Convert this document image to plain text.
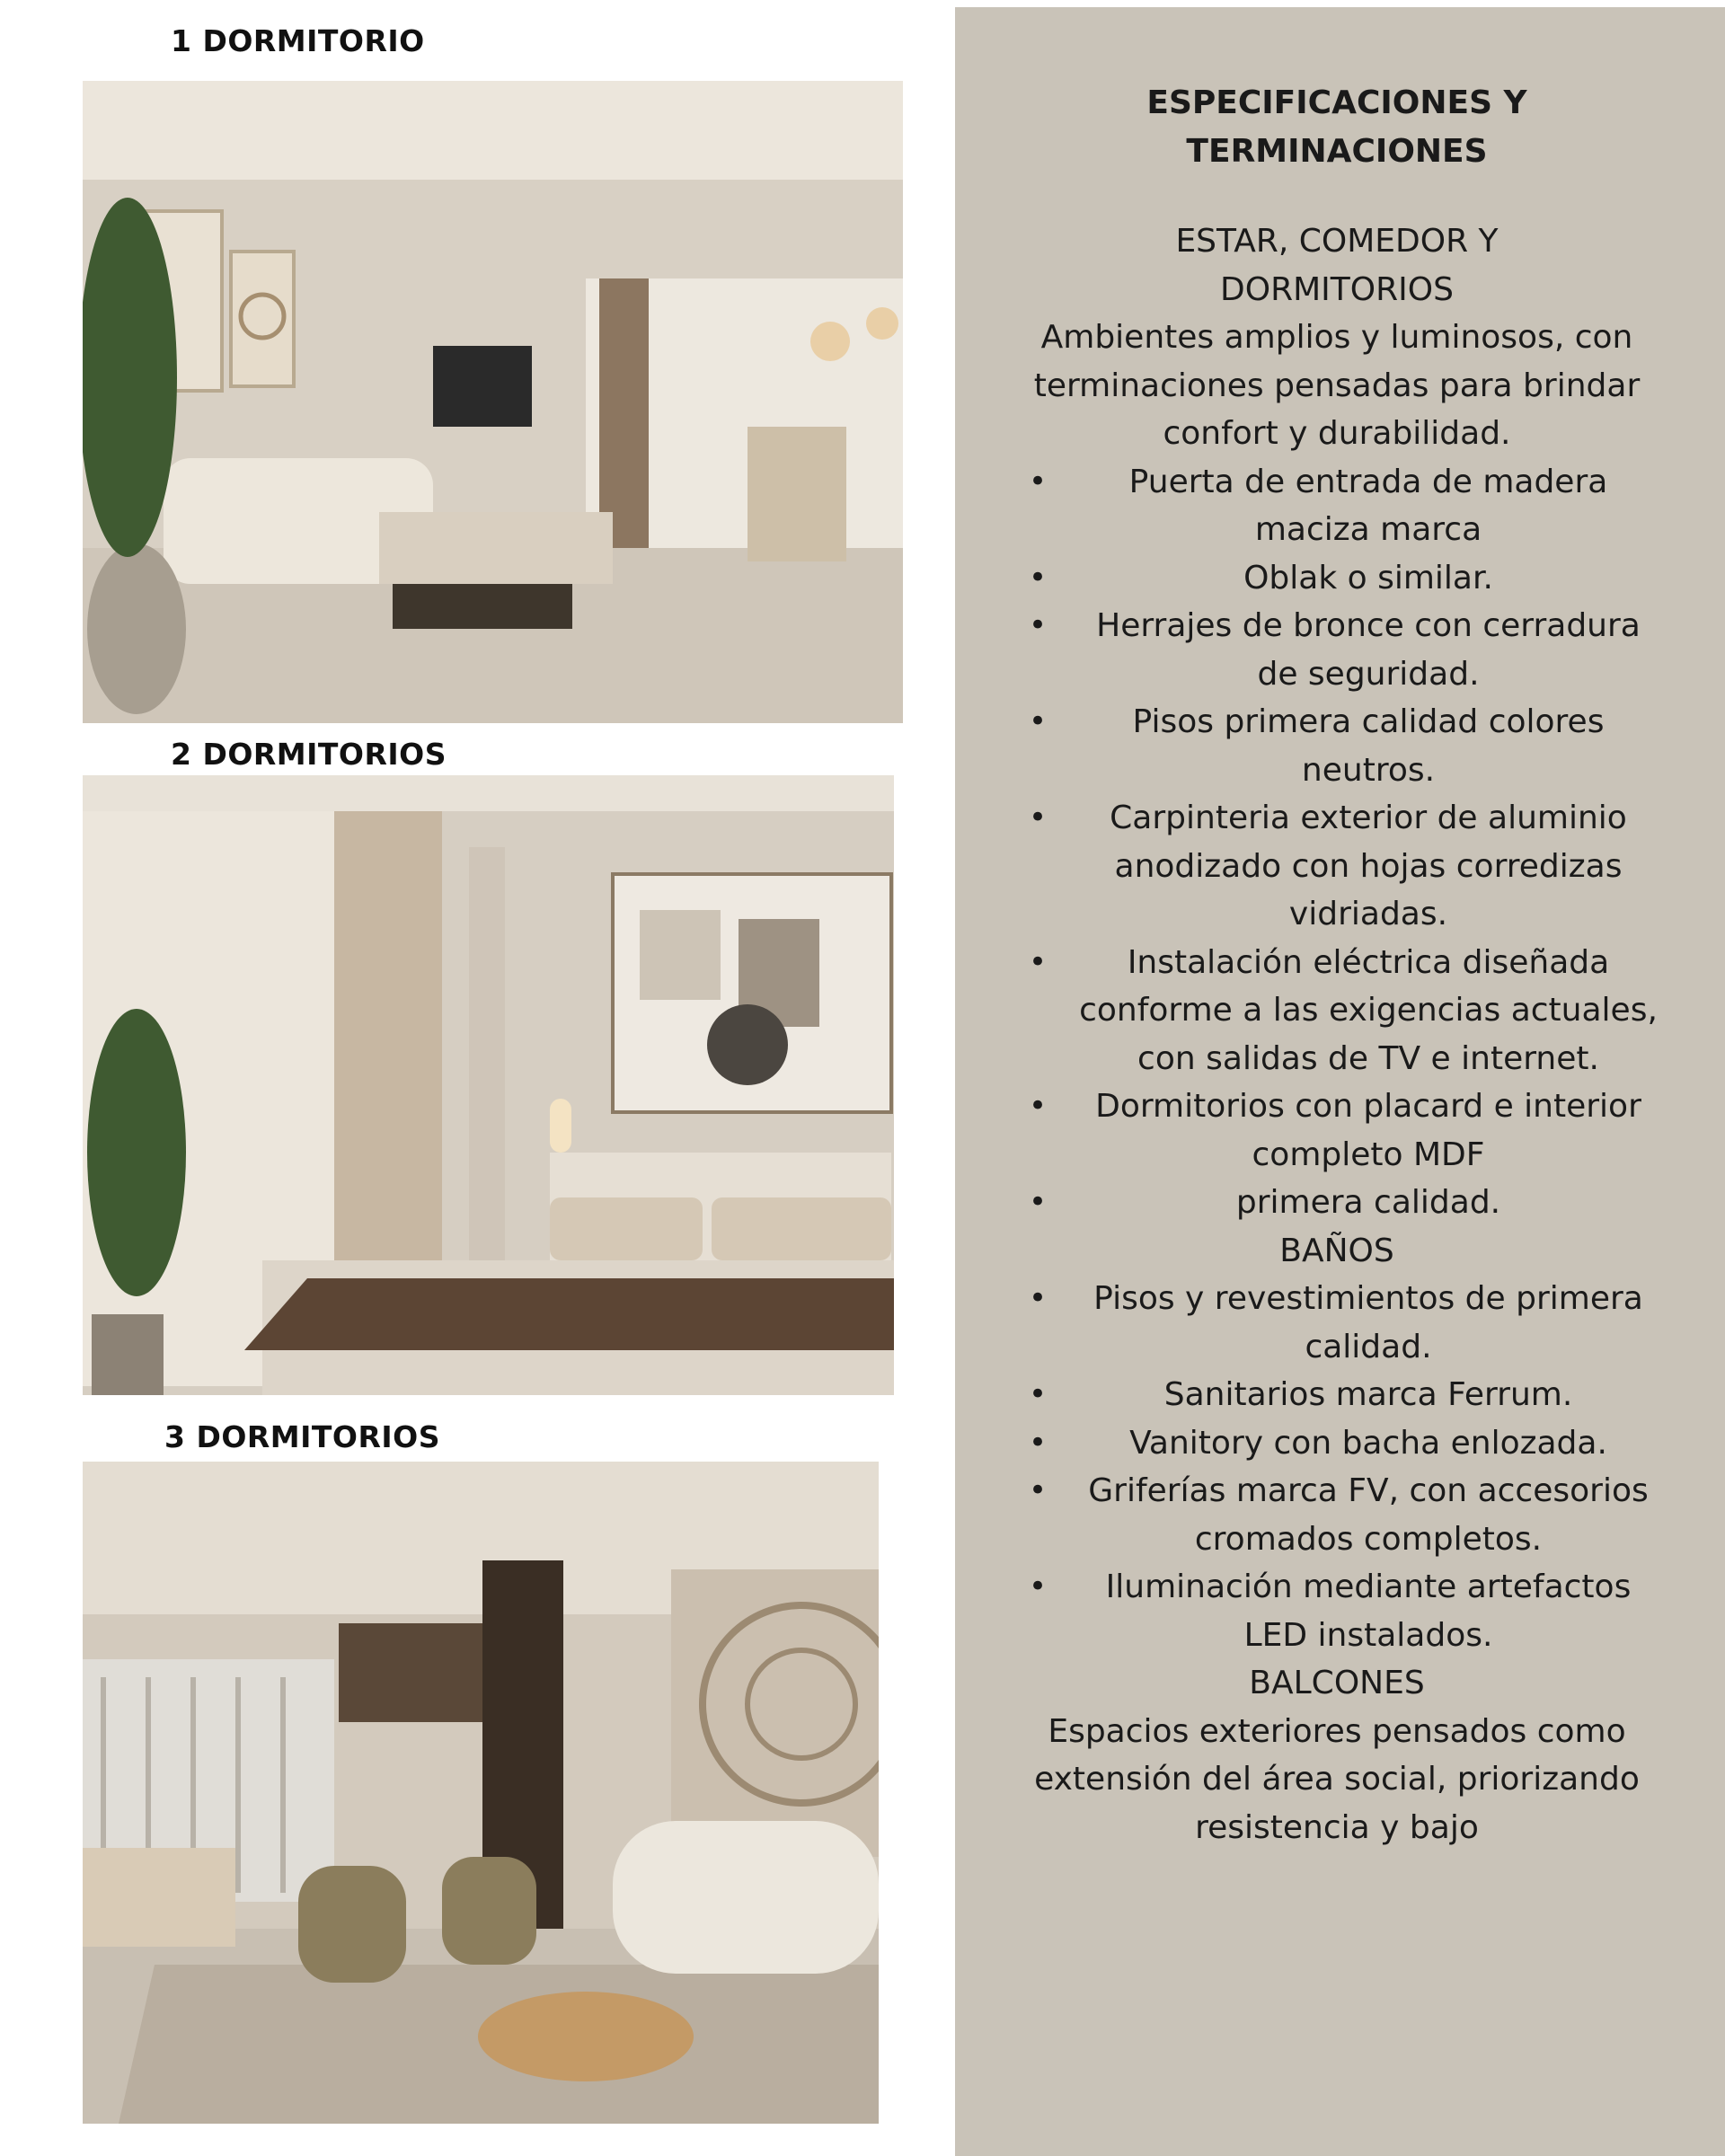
1 DORMITORIO
2 DORMITORIOS
3 DORMITORIOS
ESPECIFICACIONES Y
TERMINACIONES

ESTAR, COMEDOR Y
DORMITORIOS

Ambientes amplios y luminosos, con terminaciones pensadas para brindar confort y durabilidad.

•	Puerta de entrada de madera maciza marca
•	Oblak o similar.
• Herrajes de bronce con cerradura de seguridad.
•	Pisos primera calidad colores neutros.
• Carpinteria exterior de aluminio anodizado con hojas corredizas vidriadas.
• Instalación eléctrica diseñada conforme a las exigencias actuales, con salidas de TV e internet.
• Dormitorios con placard e interior completo MDF
•	primera calidad.

BAÑOS

• Pisos y revestimientos de primera calidad.
•	Sanitarios marca Ferrum.
•	Vanitory con bacha enlozada.
• Griferías marca FV, con accesorios cromados completos.
• Iluminación mediante artefactos LED instalados.

BALCONES

Espacios exteriores pensados como extensión del área social, priorizando resistencia y bajo
